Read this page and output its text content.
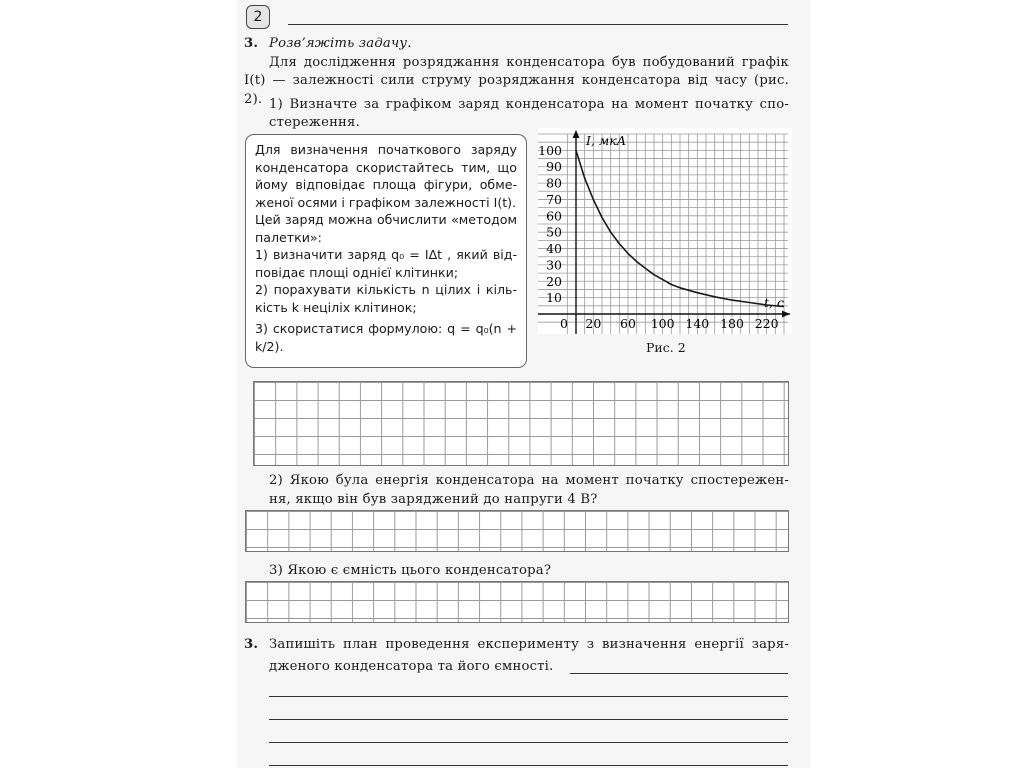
2
3. Розв’яжіть задачу.
Для дослідження розряджання конденсатора був побудований графік
I(t) — залежності сили струму розряджання конденсатора від часу (рис. 2). 1) Визначте за графіком заряд конденсатора на момент початку спо-
стереження.

Для визначення початкового заряду конденсатора скористайтесь тим, що йому відповідає площа фігури, обме-женої осями і графіком залежності I(t).

Цей заряд можна обчислити «методом палетки»:

1) визначити заряд q₀ = IΔt , який від-повідає площі однієї клітинки;

2) порахувати кількість n цілих і кіль-кість k неціліх клітинок;

3) скористатися формулою: q = q₀(n + k/2).

10
20
30
40
50
60
70
80
90
100
0 20 60 100 140 180 220
I, мкА
t, с
Рис. 2
2) Якою була енергія конденсатора на момент початку спостережен-
ня, якщо він був заряджений до напруги 4 В?
3) Якою є ємність цього конденсатора?
3. Запишіть план проведення експерименту з визначення енергії заря-
дженого конденсатора та його ємності.
